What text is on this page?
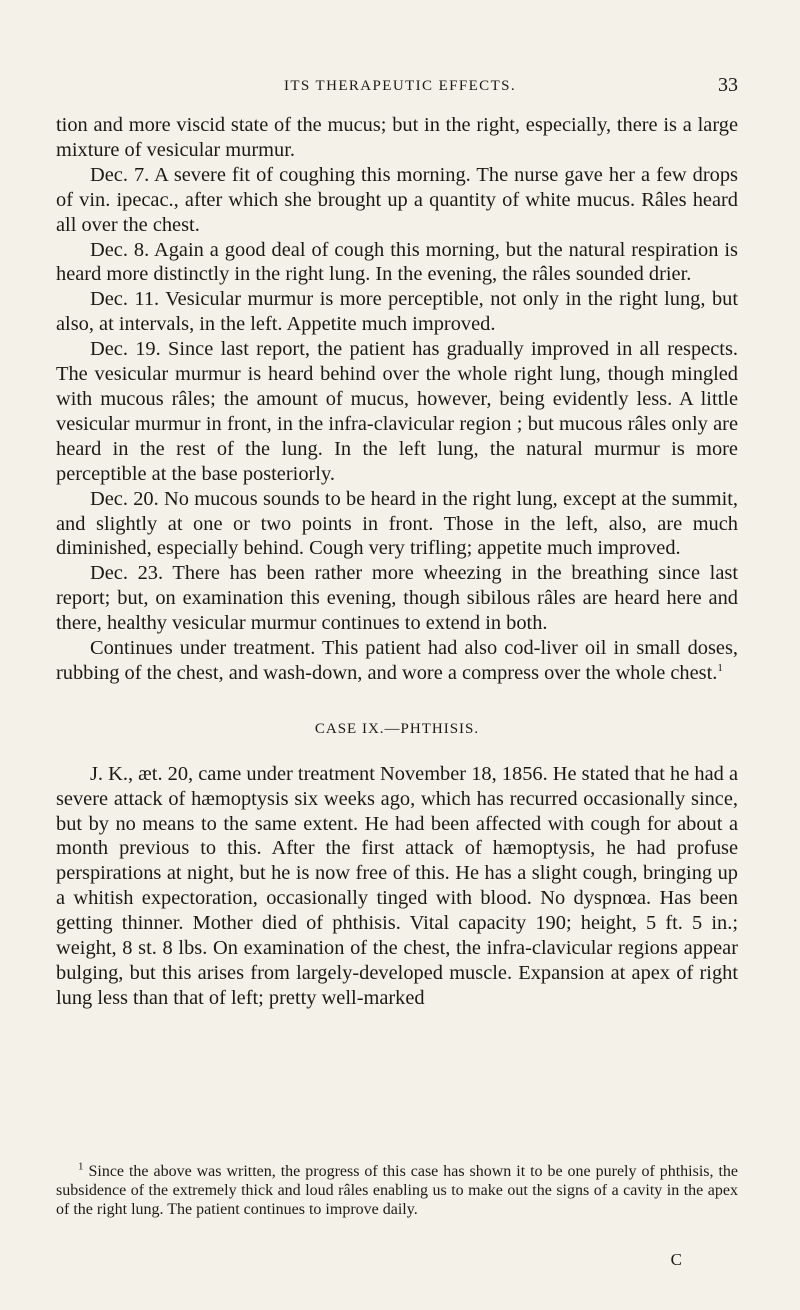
ITS THERAPEUTIC EFFECTS.	33

tion and more viscid state of the mucus; but in the right, especially, there is a large mixture of vesicular murmur.

Dec. 7. A severe fit of coughing this morning. The nurse gave her a few drops of vin. ipecac., after which she brought up a quantity of white mucus. Râles heard all over the chest.

Dec. 8. Again a good deal of cough this morning, but the natural respiration is heard more distinctly in the right lung. In the evening, the râles sounded drier.

Dec. 11. Vesicular murmur is more perceptible, not only in the right lung, but also, at intervals, in the left. Appetite much improved.

Dec. 19. Since last report, the patient has gradually improved in all respects. The vesicular murmur is heard behind over the whole right lung, though mingled with mucous râles; the amount of mucus, however, being evidently less. A little vesicular murmur in front, in the infra-clavicular region ; but mucous râles only are heard in the rest of the lung. In the left lung, the natural murmur is more perceptible at the base posteriorly.

Dec. 20. No mucous sounds to be heard in the right lung, except at the summit, and slightly at one or two points in front. Those in the left, also, are much diminished, especially behind. Cough very trifling; appetite much improved.

Dec. 23. There has been rather more wheezing in the breathing since last report; but, on examination this evening, though sibilous râles are heard here and there, healthy vesicular murmur continues to extend in both.

Continues under treatment. This patient had also cod-liver oil in small doses, rubbing of the chest, and wash-down, and wore a compress over the whole chest.$^1$

CASE IX.—PHTHISIS.

J. K., æt. 20, came under treatment November 18, 1856. He stated that he had a severe attack of hæmoptysis six weeks ago, which has recurred occasionally since, but by no means to the same extent. He had been affected with cough for about a month previous to this. After the first attack of hæmoptysis, he had profuse perspirations at night, but he is now free of this. He has a slight cough, bringing up a whitish expectoration, occasionally tinged with blood. No dyspnœa. Has been getting thinner. Mother died of phthisis. Vital capacity 190; height, 5 ft. 5 in.; weight, 8 st. 8 lbs. On examination of the chest, the infra-clavicular regions appear bulging, but this arises from largely-developed muscle. Expansion at apex of right lung less than that of left; pretty well-marked

$^1$ Since the above was written, the progress of this case has shown it to be one purely of phthisis, the subsidence of the extremely thick and loud râles enabling us to make out the signs of a cavity in the apex of the right lung. The patient continues to improve daily.

C
